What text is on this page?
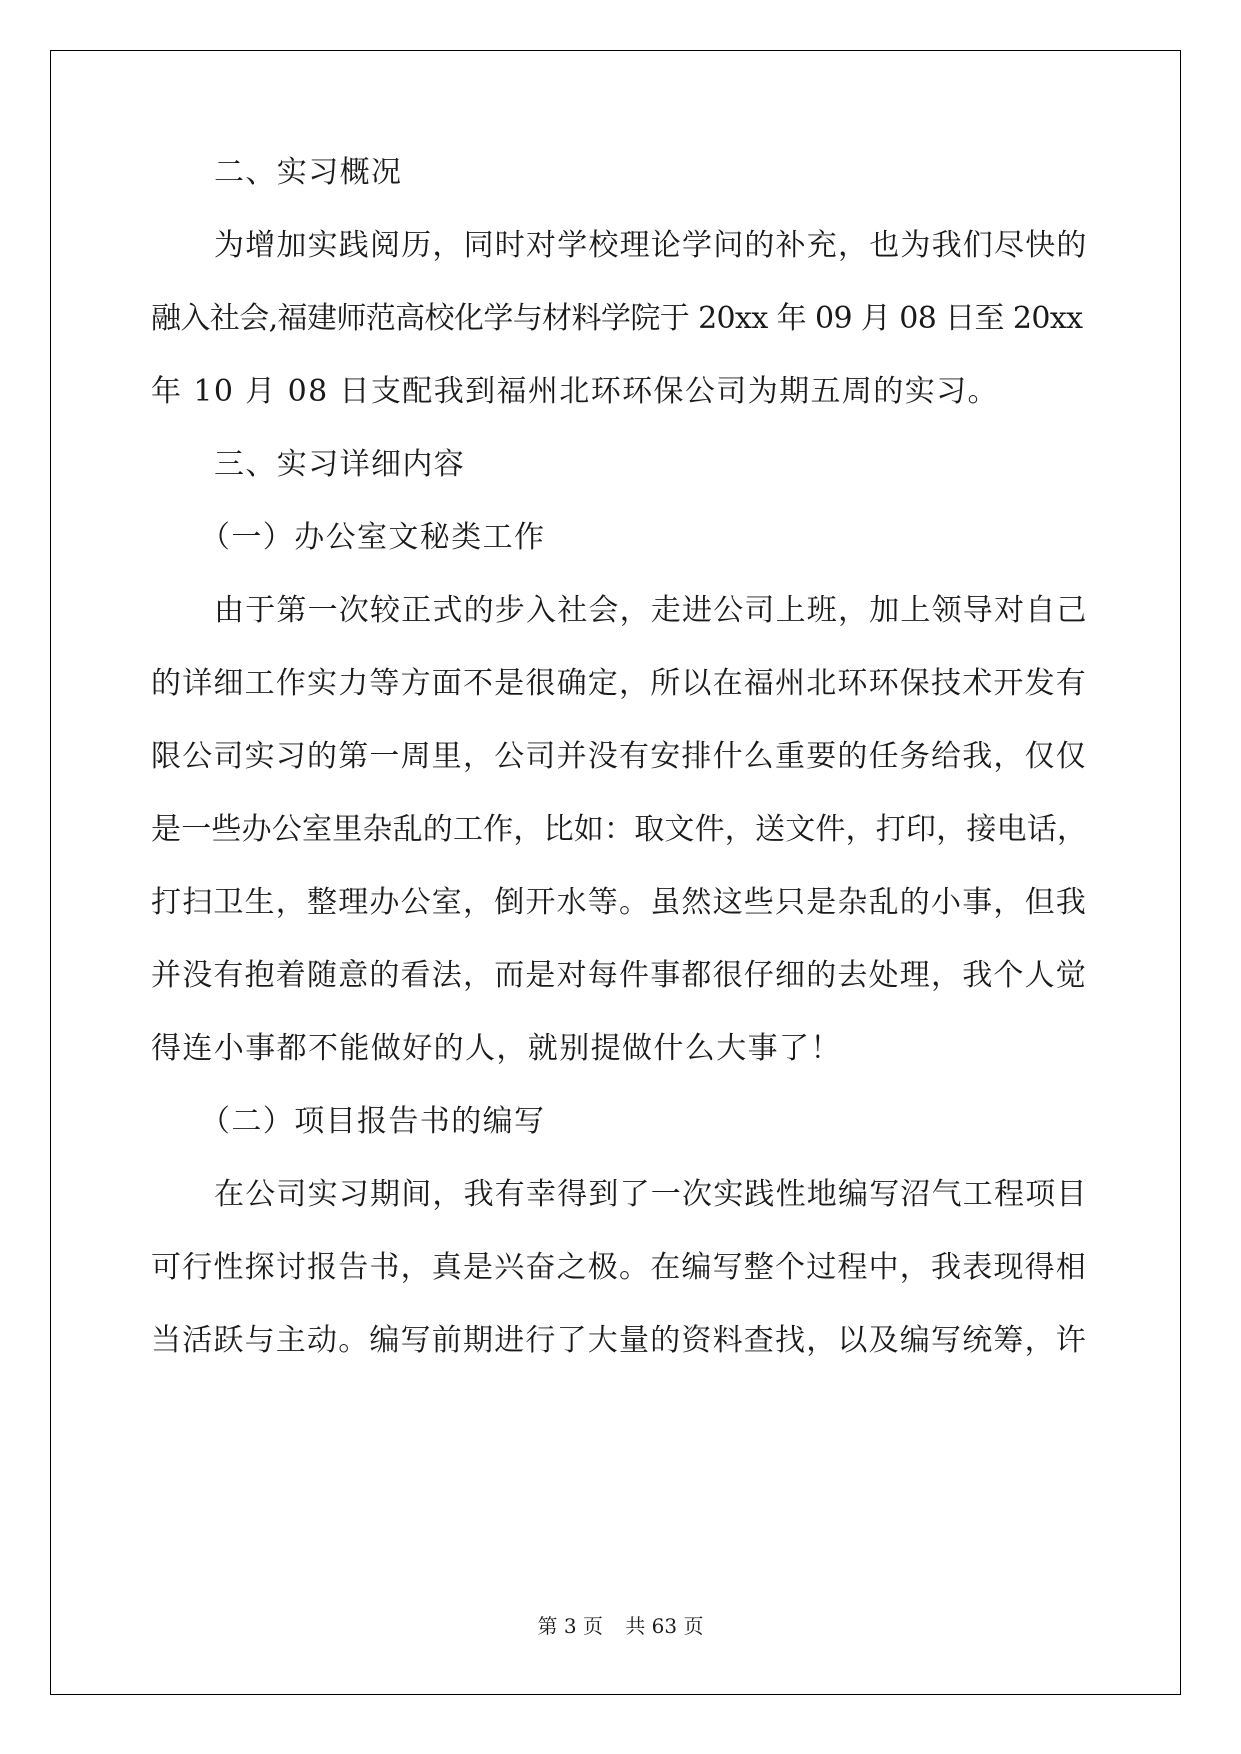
二、实习概况
为增加实践阅历，同时对学校理论学问的补充，也为我们尽快的
融入社会,福建师范高校化学与材料学院于 20xx 年 09 月 08 日至 20xx
年 10 月 08 日支配我到福州北环环保公司为期五周的实习。
三、实习详细内容
（一）办公室文秘类工作
由于第一次较正式的步入社会，走进公司上班，加上领导对自己
的详细工作实力等方面不是很确定，所以在福州北环环保技术开发有
限公司实习的第一周里，公司并没有安排什么重要的任务给我，仅仅
是一些办公室里杂乱的工作，比如：取文件，送文件，打印，接电话，
打扫卫生，整理办公室，倒开水等。虽然这些只是杂乱的小事，但我
并没有抱着随意的看法，而是对每件事都很仔细的去处理，我个人觉
得连小事都不能做好的人，就别提做什么大事了！
（二）项目报告书的编写
在公司实习期间，我有幸得到了一次实践性地编写沼气工程项目
可行性探讨报告书，真是兴奋之极。在编写整个过程中，我表现得相
当活跃与主动。编写前期进行了大量的资料查找，以及编写统筹，许
第 3 页 共 63 页
